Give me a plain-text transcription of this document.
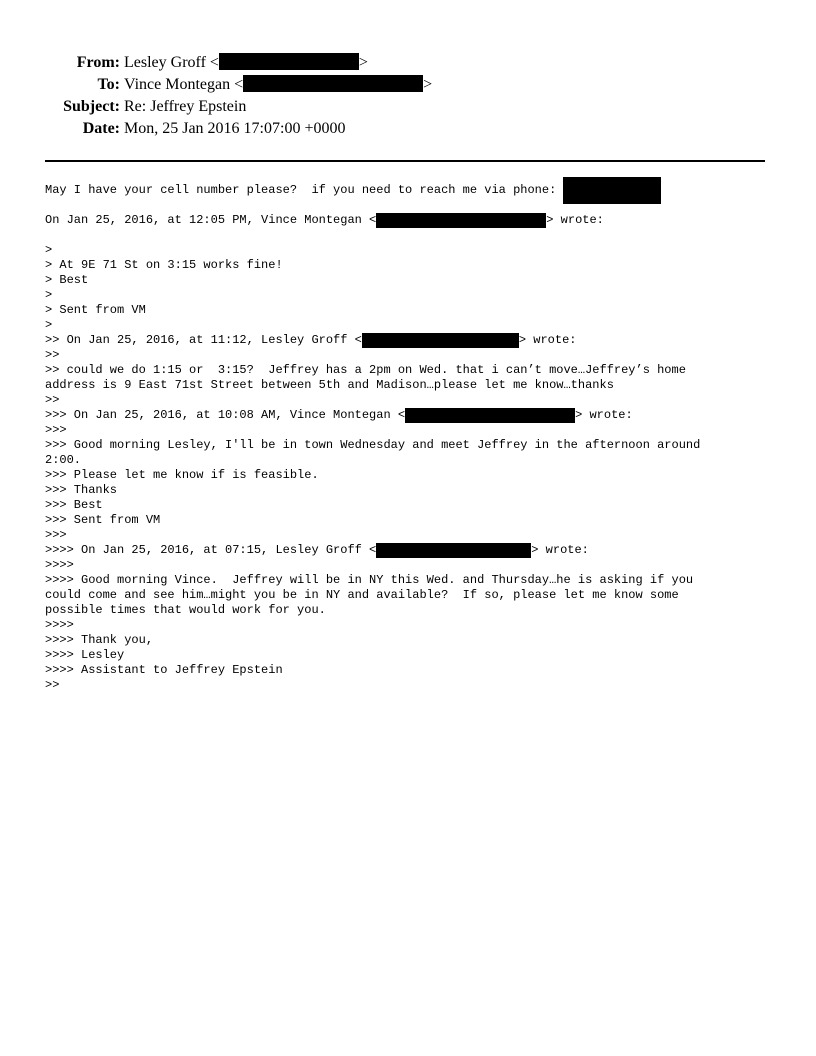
From: Lesley Groff <	>
To: Vince Montegan <	>
Subject: Re: Jeffrey Epstein
Date: Mon, 25 Jan 2016 17:07:00 +0000
May I have your cell number please?  if you need to reach me via phone:
On Jan 25, 2016, at 12:05 PM, Vince Montegan <	> wrote:
>
> At 9E 71 St on 3:15 works fine!
> Best
>
> Sent from VM
>
>> On Jan 25, 2016, at 11:12, Lesley Groff <	> wrote:
>>
>> could we do 1:15 or  3:15?  Jeffrey has a 2pm on Wed. that i can’t move…Jeffrey’s home
address is 9 East 71st Street between 5th and Madison…please let me know…thanks
>>
>>> On Jan 25, 2016, at 10:08 AM, Vince Montegan <	> wrote:
>>>
>>> Good morning Lesley, I'll be in town Wednesday and meet Jeffrey in the afternoon around
2:00.
>>> Please let me know if is feasible.
>>> Thanks
>>> Best
>>> Sent from VM
>>>
>>>> On Jan 25, 2016, at 07:15, Lesley Groff <	> wrote:
>>>>
>>>> Good morning Vince.  Jeffrey will be in NY this Wed. and Thursday…he is asking if you
could come and see him…might you be in NY and available?  If so, please let me know some
possible times that would work for you.
>>>>
>>>> Thank you,
>>>> Lesley
>>>> Assistant to Jeffrey Epstein
>>
